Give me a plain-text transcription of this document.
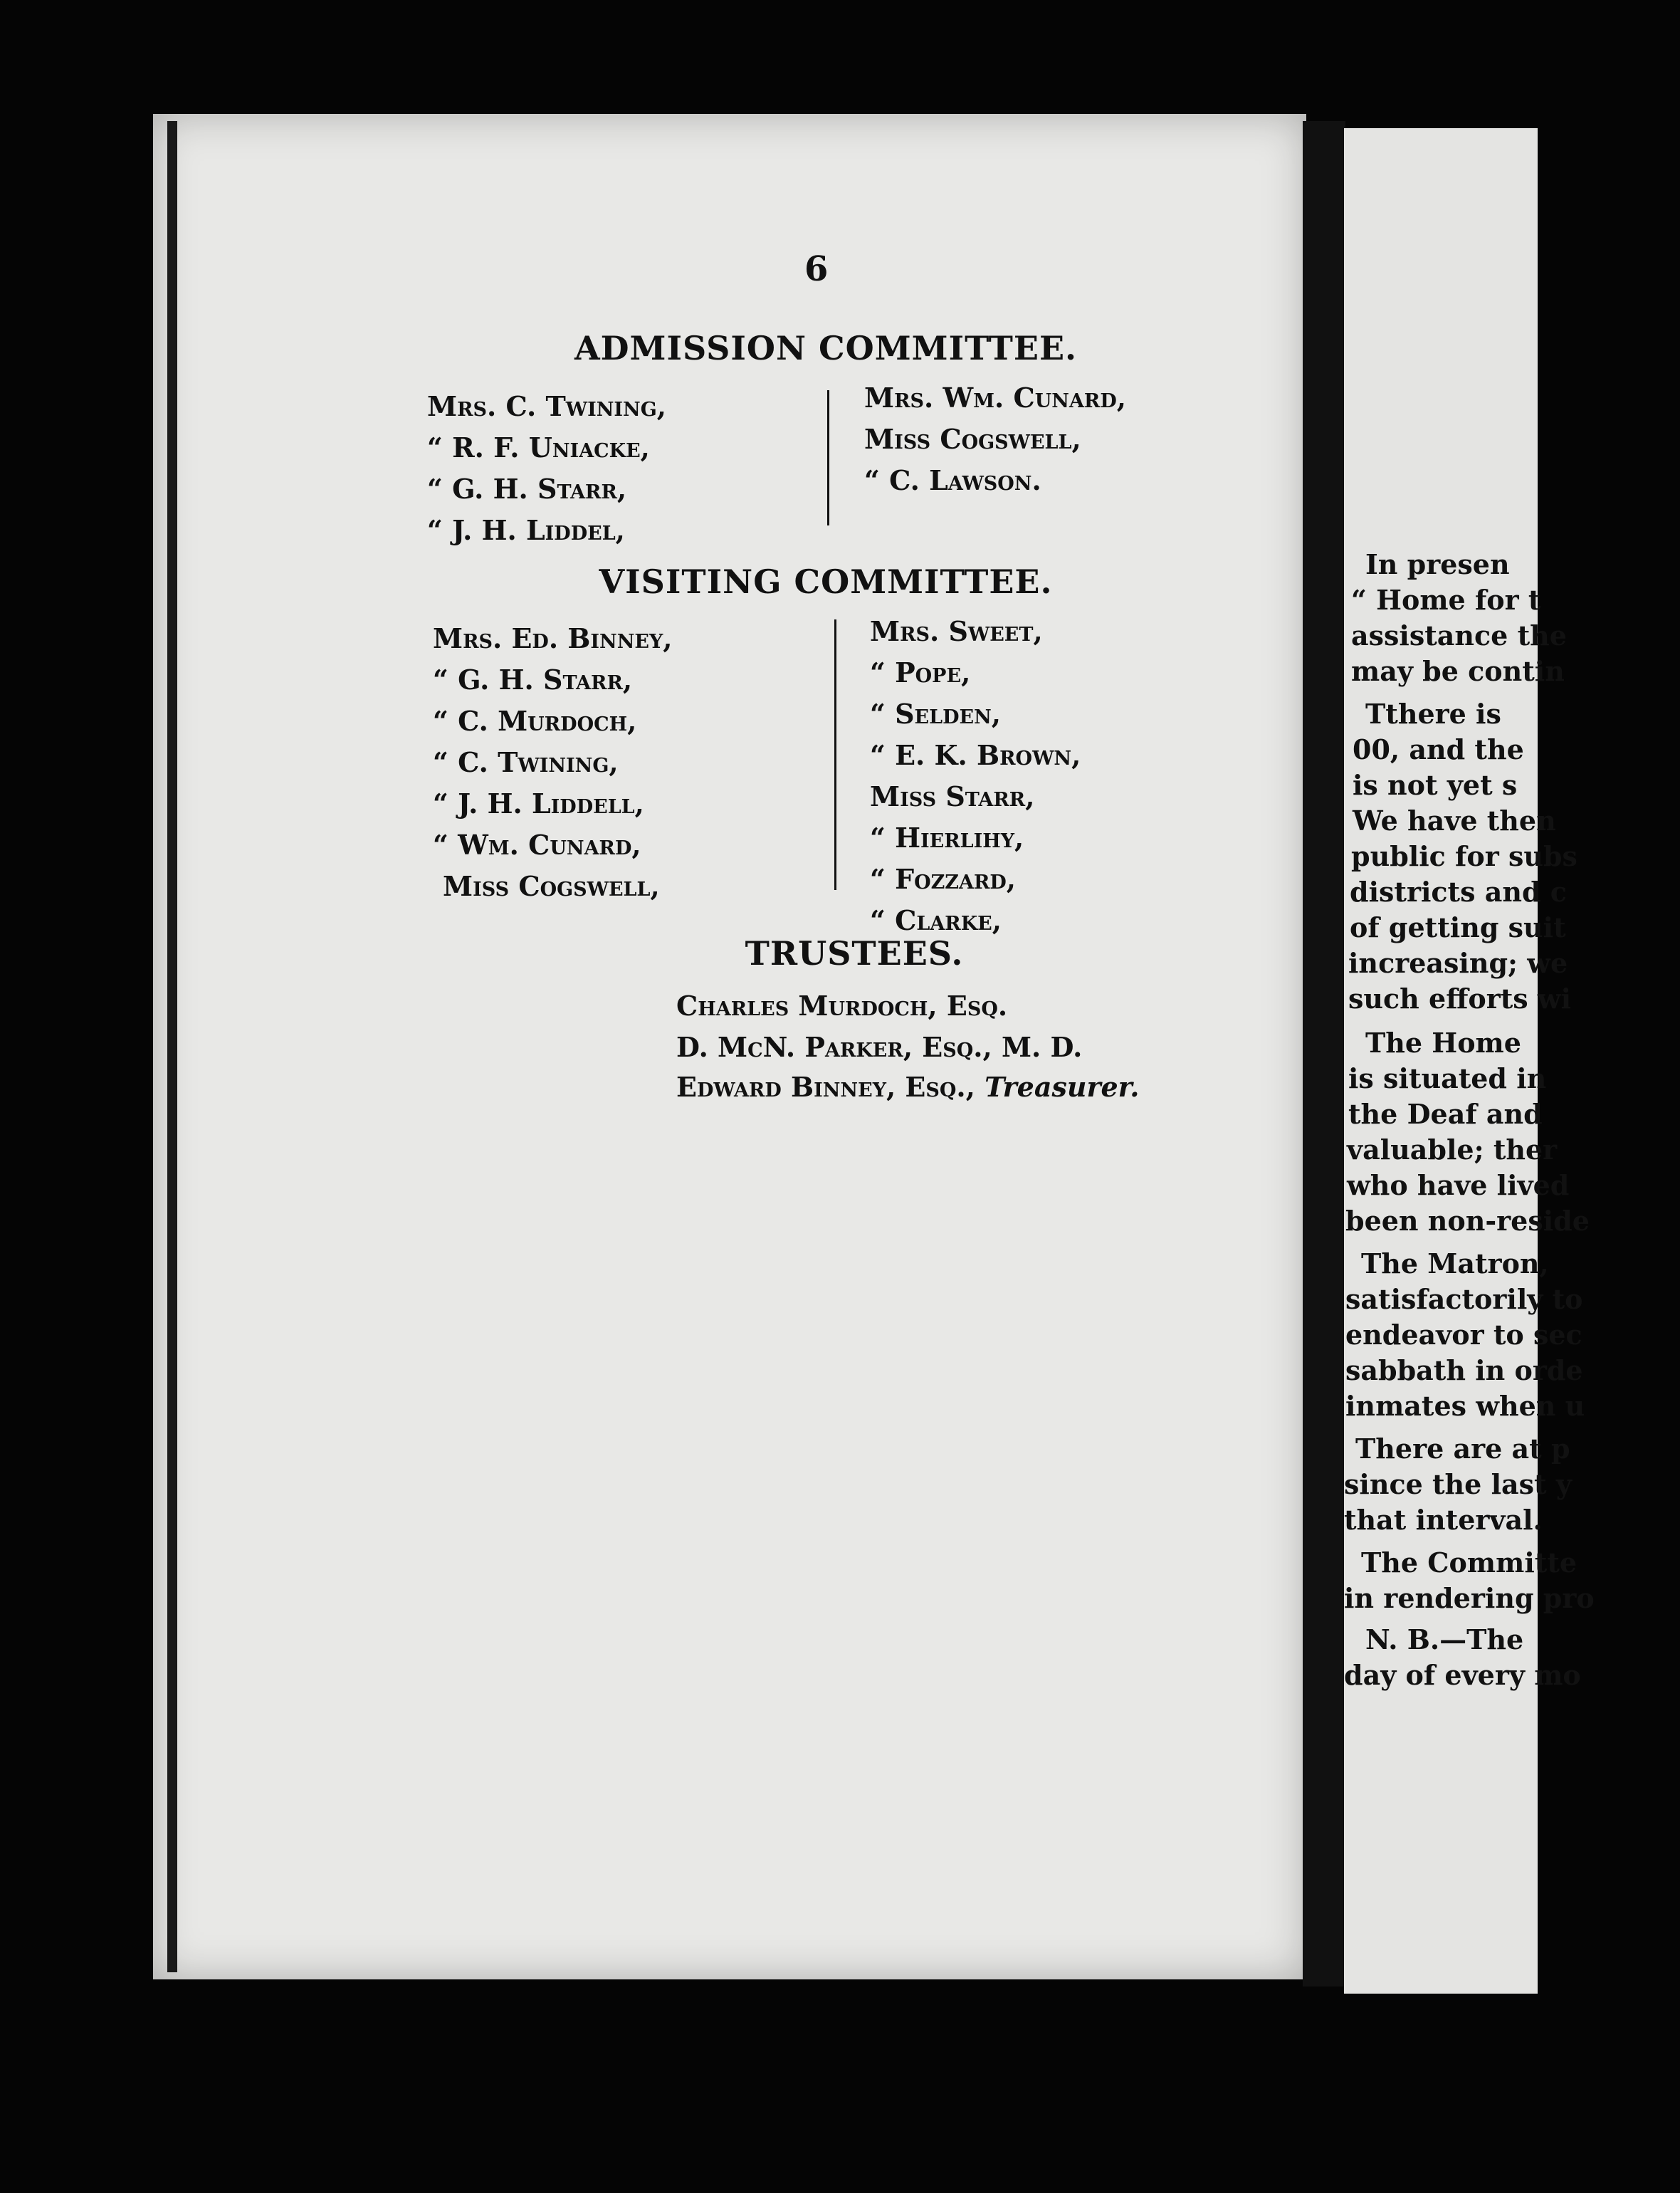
6
ADMISSION COMMITTEE.
Mrs. C. Twining,
“ R. F. Uniacke,
“ G. H. Starr,
“ J. H. Liddel,
Mrs. Wm. Cunard,
Miss Cogswell,
“ C. Lawson.
VISITING COMMITTEE.
Mrs. Ed. Binney,
“ G. H. Starr,
“ C. Murdoch,
“ C. Twining,
“ J. H. Liddell,
“ Wm. Cunard,
Miss Cogswell,
Mrs. Sweet,
“ Pope,
“ Selden,
“ E. K. Brown,
Miss Starr,
“ Hierlihy,
“ Fozzard,
“ Clarke,
TRUSTEES.
Charles Murdoch, Esq.
D. McN. Parker, Esq., M. D.
Edward Binney, Esq., Treasurer.
In presen
“ Home for t
assistance the
may be contin
Tthere is
00, and the
is not yet s
We have then
public for subs
districts and c
of getting suit
increasing; we
such efforts wi
The Home
is situated in
the Deaf and
valuable; ther
who have lived
been non-reside
The Matron,
satisfactorily to
endeavor to sec
sabbath in orde
inmates when u
There are at p
since the last y
that interval.
The Committe
in rendering pro
N. B.—The
day of every mo
